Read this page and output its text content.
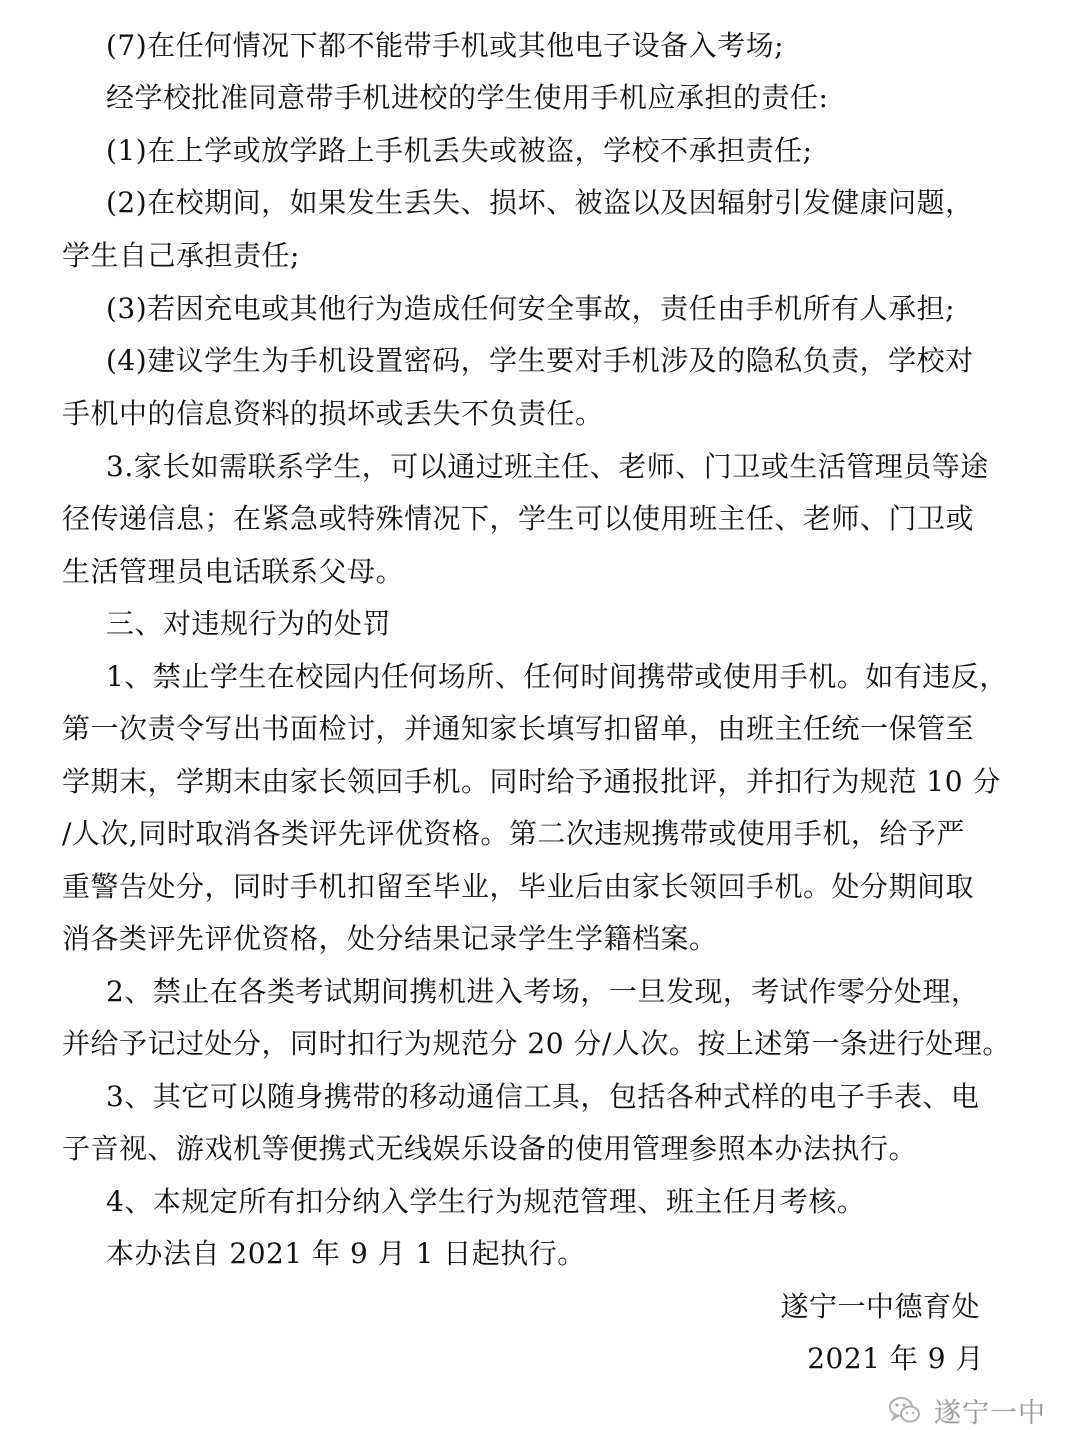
(7)在任何情况下都不能带手机或其他电子设备入考场;
经学校批准同意带手机进校的学生使用手机应承担的责任:
(1)在上学或放学路上手机丢失或被盗，学校不承担责任;
(2)在校期间，如果发生丢失、损坏、被盗以及因辐射引发健康问题，
学生自己承担责任;
(3)若因充电或其他行为造成任何安全事故，责任由手机所有人承担;
(4)建议学生为手机设置密码，学生要对手机涉及的隐私负责，学校对
手机中的信息资料的损坏或丢失不负责任。
3.家长如需联系学生，可以通过班主任、老师、门卫或生活管理员等途
径传递信息；在紧急或特殊情况下，学生可以使用班主任、老师、门卫或
生活管理员电话联系父母。
三、对违规行为的处罚
1、禁止学生在校园内任何场所、任何时间携带或使用手机。如有违反，
第一次责令写出书面检讨，并通知家长填写扣留单，由班主任统一保管至
学期末，学期末由家长领回手机。同时给予通报批评，并扣行为规范 10 分
/人次,同时取消各类评先评优资格。第二次违规携带或使用手机，给予严
重警告处分，同时手机扣留至毕业，毕业后由家长领回手机。处分期间取
消各类评先评优资格，处分结果记录学生学籍档案。
2、禁止在各类考试期间携机进入考场，一旦发现，考试作零分处理，
并给予记过处分，同时扣行为规范分 20 分/人次。按上述第一条进行处理。
3、其它可以随身携带的移动通信工具，包括各种式样的电子手表、电
子音视、游戏机等便携式无线娱乐设备的使用管理参照本办法执行。
4、本规定所有扣分纳入学生行为规范管理、班主任月考核。
本办法自 2021 年 9 月 1 日起执行。
遂宁一中德育处
2021 年 9 月
遂宁一中
